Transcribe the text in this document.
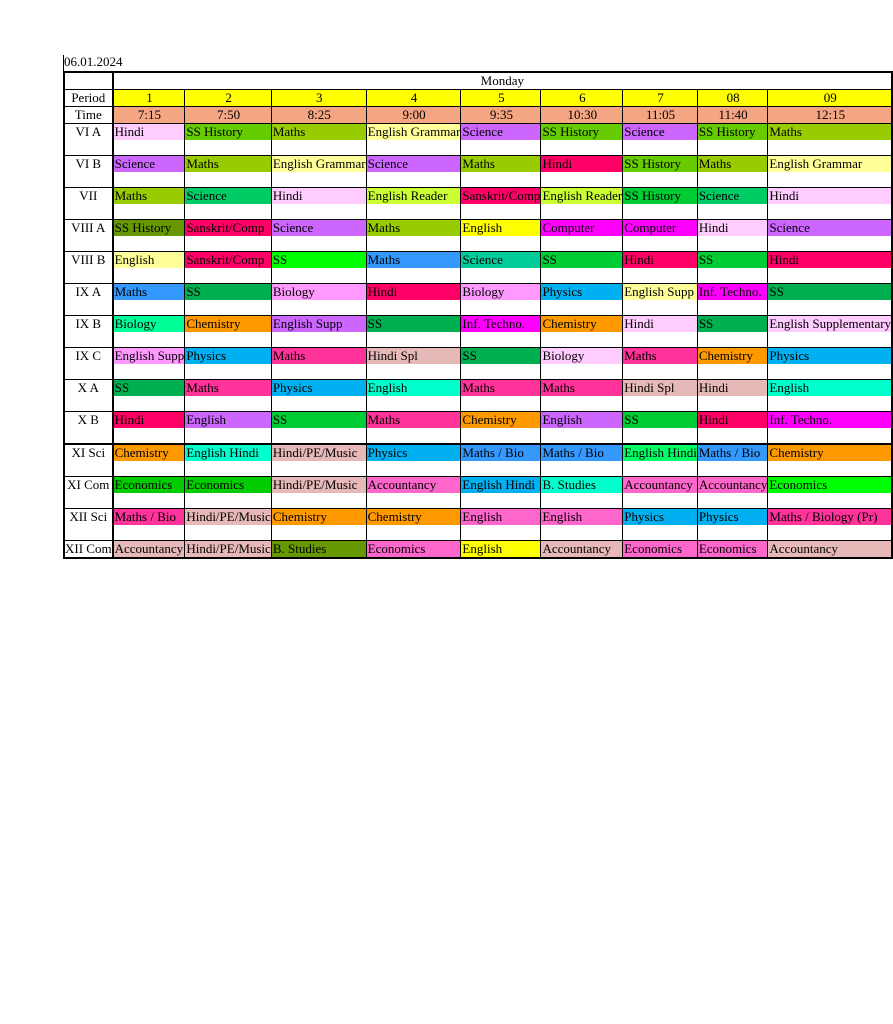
06.01.2024
	Monday								
Period	1	2	3	4	5	6	7	08	09
Time	7:15	7:50	8:25	9:00	9:35	10:30	11:05	11:40	12:15
VI A	Hindi	SS History	Maths	English Grammar	Science	SS History	Science	SS History	Maths

VI B	Science	Maths	English Grammar	Science	Maths	Hindi	SS History	Maths	English Grammar

VII	Maths	Science	Hindi	English Reader	Sanskrit/Comp	English Reader	SS History	Science	Hindi

VIII A	SS History	Sanskrit/Comp	Science	Maths	English	Computer	Computer	Hindi	Science

VIII B	English	Sanskrit/Comp	SS	Maths	Science	SS	Hindi	SS	Hindi

IX A	Maths	SS	Biology	Hindi	Biology	Physics	English Supp	Inf. Techno.	SS

IX B	Biology	Chemistry	English Supp	SS	Inf. Techno.	Chemistry	Hindi	SS	English Supplementary

IX C	English Supp	Physics	Maths	Hindi Spl	SS	Biology	Maths	Chemistry	Physics

X A	SS	Maths	Physics	English	Maths	Maths	Hindi Spl	Hindi	English

X B	Hindi	English	SS	Maths	Chemistry	English	SS	Hindi	Inf. Techno.

XI Sci	Chemistry	English Hindi	Hindi/PE/Music	Physics	Maths / Bio	Maths / Bio	English Hindi	Maths / Bio	Chemistry

XI Com	Economics	Economics	Hindi/PE/Music	Accountancy	English Hindi	B. Studies	Accountancy	Accountancy	Economics

XII Sci	Maths / Bio	Hindi/PE/Music	Chemistry	Chemistry	English	English	Physics	Physics	Maths / Biology (Pr)

XII Com	Accountancy	Hindi/PE/Music	B. Studies	Economics	English	Accountancy	Economics	Economics	Accountancy
